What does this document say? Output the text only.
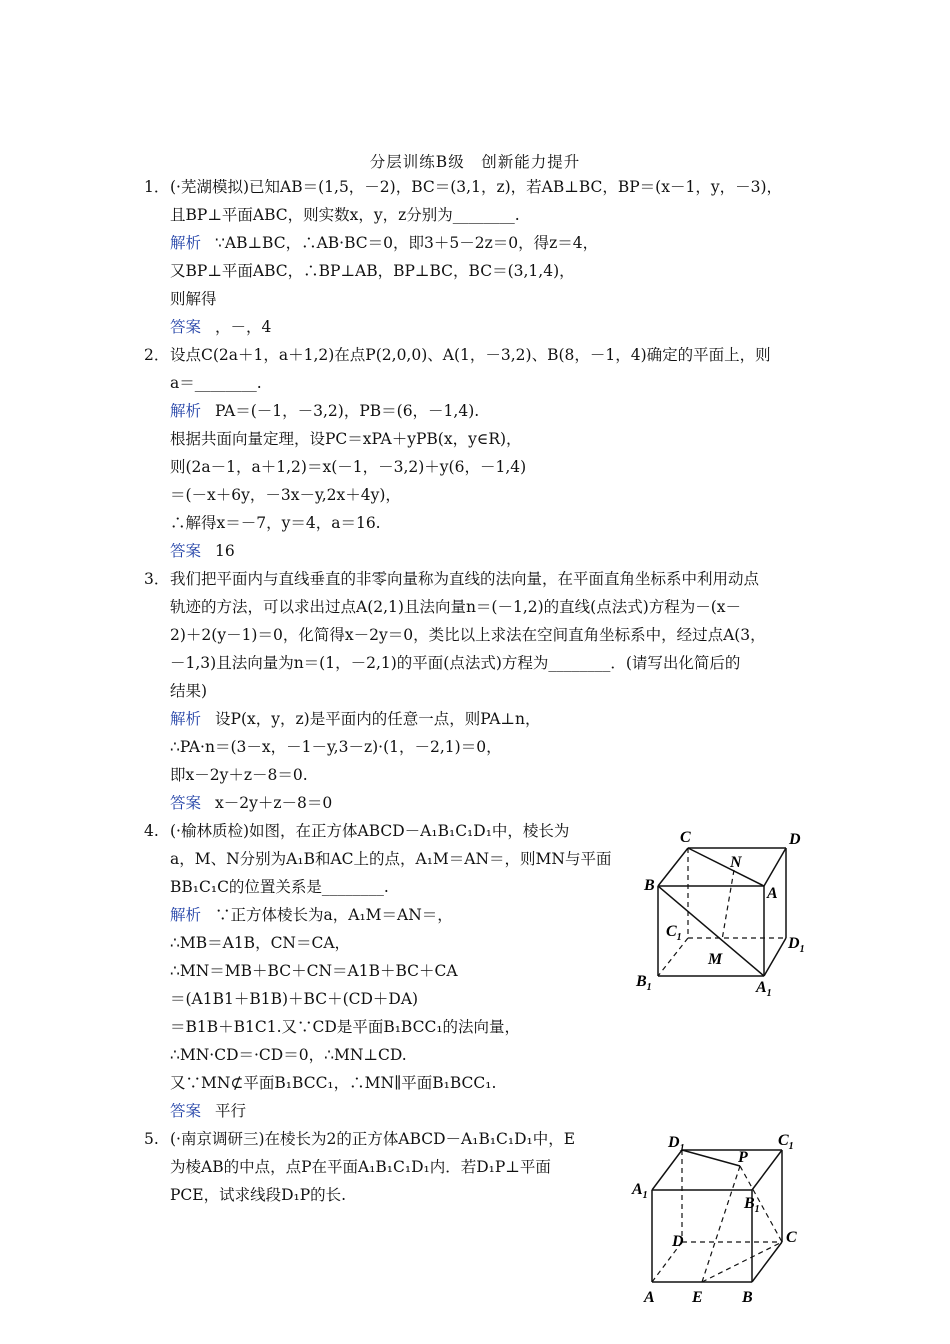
分层训练B级　创新能力提升
1． (·芜湖模拟)已知AB＝(1,5，－2)，BC＝(3,1，z)，若AB⊥BC，BP＝(x－1，y，－3)，
且BP⊥平面ABC，则实数x，y，z分别为________.
解析 ∵AB⊥BC，∴AB·BC＝0，即3＋5－2z＝0，得z＝4，
又BP⊥平面ABC，∴BP⊥AB，BP⊥BC，BC＝(3,1,4)，
则解得
答案 ，－，4
2． 设点C(2a＋1，a＋1,2)在点P(2,0,0)、A(1，－3,2)、B(8，－1，4)确定的平面上，则
a＝________.
解析 PA＝(－1，－3,2)，PB＝(6，－1,4).
根据共面向量定理，设PC＝xPA＋yPB(x，y∈R)，
则(2a－1，a＋1,2)＝x(－1，－3,2)＋y(6，－1,4)
＝(－x＋6y，－3x－y,2x＋4y)，
∴解得x＝－7，y＝4，a＝16.
答案 16
3． 我们把平面内与直线垂直的非零向量称为直线的法向量，在平面直角坐标系中利用动点
轨迹的方法，可以求出过点A(2,1)且法向量n＝(－1,2)的直线(点法式)方程为－(x－
2)＋2(y－1)＝0，化简得x－2y＝0，类比以上求法在空间直角坐标系中，经过点A(3，
－1,3)且法向量为n＝(1，－2,1)的平面(点法式)方程为________．(请写出化简后的
结果)
解析 设P(x，y，z)是平面内的任意一点，则PA⊥n，
∴PA·n＝(3－x，－1－y,3－z)·(1，－2,1)＝0，
即x－2y＋z－8＝0.
答案 x－2y＋z－8＝0
4. (·榆林质检)如图，在正方体ABCD－A₁B₁C₁D₁中，棱长为
a，M、N分别为A₁B和AC上的点，A₁M＝AN＝，则MN与平面
BB₁C₁C的位置关系是________.
解析 ∵正方体棱长为a，A₁M＝AN＝，
∴MB＝A1B，CN＝CA，
∴MN＝MB＋BC＋CN＝A1B＋BC＋CA
＝(A1B1＋B1B)＋BC＋(CD＋DA)
＝B1B＋B1C1.又∵CD是平面B₁BCC₁的法向量，
∴MN·CD＝·CD＝0，∴MN⊥CD.
又∵MN⊄平面B₁BCC₁，∴MN∥平面B₁BCC₁.
答案 平行
5. (·南京调研三)在棱长为2的正方体ABCD－A₁B₁C₁D₁中，E
为棱AB的中点，点P在平面A₁B₁C₁D₁内．若D₁P⊥平面
PCE，试求线段D₁P的长.
C	D
N
B	A
$C_1$	$D_1$
M
$B_1$	$A_1$
$D_1$	$C_1$
P
$A_1$	$B_1$
D	C
A E B
